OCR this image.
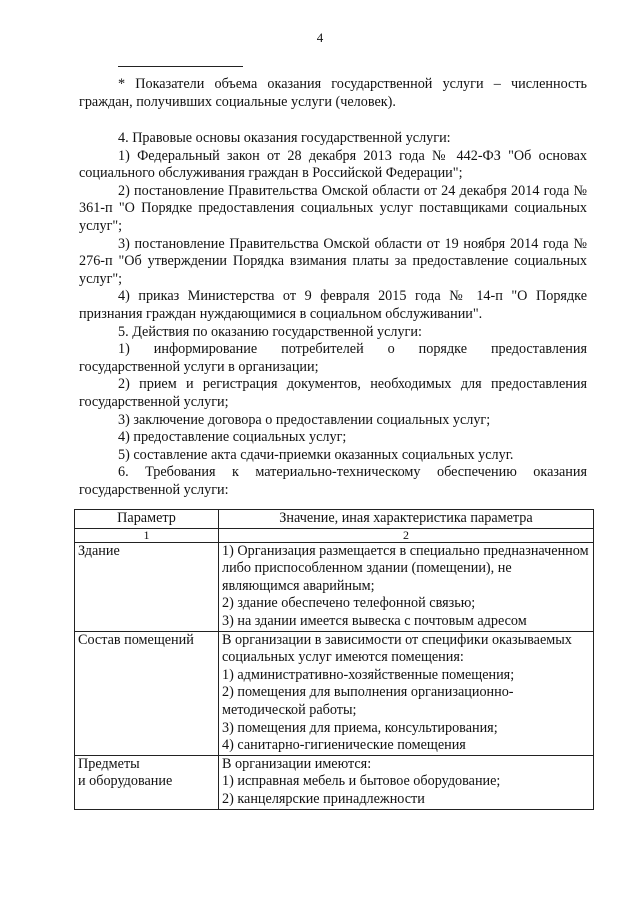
4

* Показатели объема оказания государственной услуги – численность граждан, получивших социальные услуги (человек).

4. Правовые основы оказания государственной услуги:

1) Федеральный закон от 28 декабря 2013 года № 442-ФЗ "Об основах социального обслуживания граждан в Российской Федерации";

2) постановление Правительства Омской области от 24 декабря 2014 года № 361-п "О Порядке предоставления социальных услуг поставщиками социальных услуг";

3) постановление Правительства Омской области от 19 ноября 2014 года № 276-п "Об утверждении Порядка взимания платы за предоставление социальных услуг";

4) приказ Министерства от 9 февраля 2015 года № 14-п "О Порядке признания граждан нуждающимися в социальном обслуживании".

5. Действия по оказанию государственной услуги:

1) информирование потребителей о порядке предоставления государственной услуги в организации;

2) прием и регистрация документов, необходимых для предоставления государственной услуги;

3) заключение договора о предоставлении социальных услуг;

4) предоставление социальных услуг;

5) составление акта сдачи-приемки оказанных социальных услуг.

6. Требования к материально-техническому обеспечению оказания государственной услуги:

Параметр	Значение, иная характеристика параметра
1	2
Здание	1) Организация размещается в специально предназначенном либо приспособленном здании (помещении), не являющимся аварийным;
2) здание обеспечено телефонной связью;
3) на здании имеется вывеска с почтовым адресом

Состав помещений	В организации в зависимости от специфики оказываемых социальных услуг имеются помещения:
1) административно-хозяйственные помещения;
2) помещения для выполнения организационно-методической работы;
3) помещения для приема, консультирования;
4) санитарно-гигиенические помещения

Предметы
и оборудование	В организации имеются:
1) исправная мебель и бытовое оборудование;
2) канцелярские принадлежности
